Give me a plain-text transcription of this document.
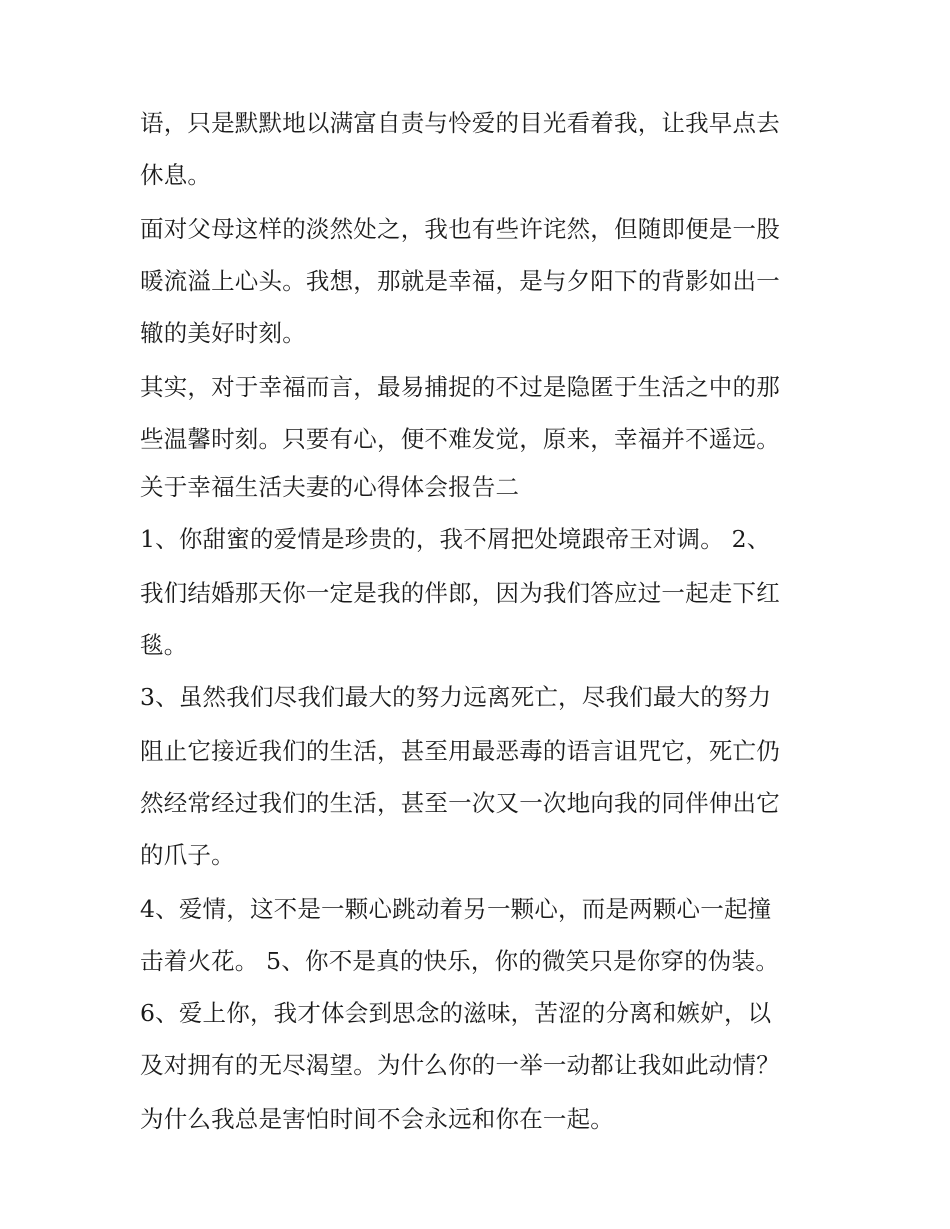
语，只是默默地以满富自责与怜爱的目光看着我，让我早点去
休息。
面对父母这样的淡然处之，我也有些许诧然，但随即便是一股
暖流溢上心头。我想，那就是幸福，是与夕阳下的背影如出一
辙的美好时刻。
其实，对于幸福而言，最易捕捉的不过是隐匿于生活之中的那
些温馨时刻。只要有心，便不难发觉，原来，幸福并不遥远。
关于幸福生活夫妻的心得体会报告二
1、你甜蜜的爱情是珍贵的，我不屑把处境跟帝王对调。 2、
我们结婚那天你一定是我的伴郎，因为我们答应过一起走下红
毯。
3、虽然我们尽我们最大的努力远离死亡，尽我们最大的努力
阻止它接近我们的生活，甚至用最恶毒的语言诅咒它，死亡仍
然经常经过我们的生活，甚至一次又一次地向我的同伴伸出它
的爪子。
4、爱情，这不是一颗心跳动着另一颗心，而是两颗心一起撞
击着火花。 5、你不是真的快乐，你的微笑只是你穿的伪装。
6、爱上你，我才体会到思念的滋味，苦涩的分离和嫉妒，以
及对拥有的无尽渴望。为什么你的一举一动都让我如此动情？
为什么我总是害怕时间不会永远和你在一起。
